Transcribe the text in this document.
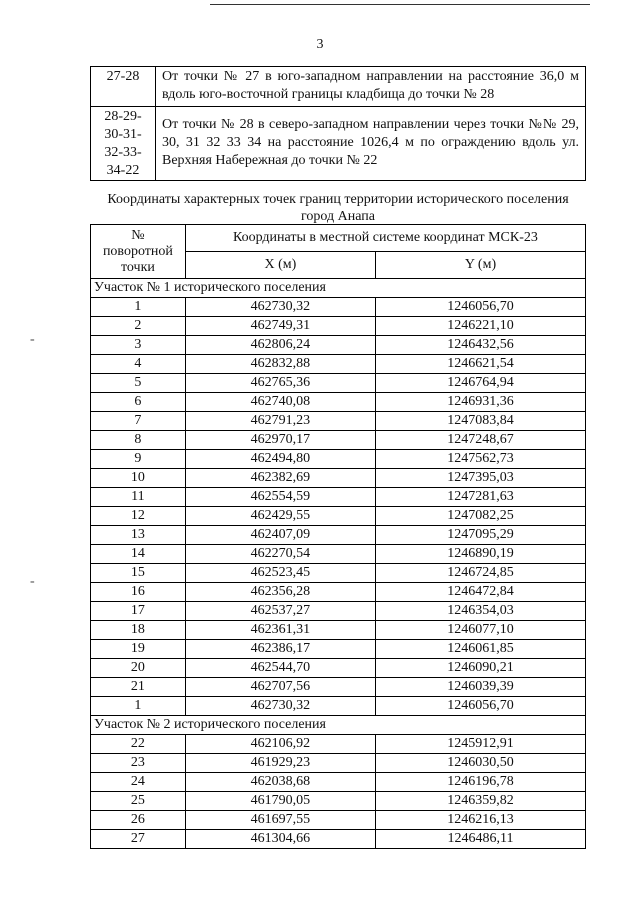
3
-
-
27-28	От точки № 27 в юго-западном направлении на расстояние 36,0 м вдоль юго-восточной границы кладбища до точки № 28

28-29-
30-31-
32-33-
34-22	От точки № 28 в северо-западном направлении через точки №№ 29, 30, 31 32 33 34 на расстояние 1026,4 м по ограждению вдоль ул. Верхняя Набережная до точки № 22
Координаты характерных точек границ территории исторического поселения город Анапа
№
поворотной
точки	Координаты в местной системе координат МСК-23	
	X (м)	Y (м)
Участок № 1 исторического поселения		
1	462730,32	1246056,70
2	462749,31	1246221,10
3	462806,24	1246432,56
4	462832,88	1246621,54
5	462765,36	1246764,94
6	462740,08	1246931,36
7	462791,23	1247083,84
8	462970,17	1247248,67
9	462494,80	1247562,73
10	462382,69	1247395,03
11	462554,59	1247281,63
12	462429,55	1247082,25
13	462407,09	1247095,29
14	462270,54	1246890,19
15	462523,45	1246724,85
16	462356,28	1246472,84
17	462537,27	1246354,03
18	462361,31	1246077,10
19	462386,17	1246061,85
20	462544,70	1246090,21
21	462707,56	1246039,39
1	462730,32	1246056,70
Участок № 2 исторического поселения		
22	462106,92	1245912,91
23	461929,23	1246030,50
24	462038,68	1246196,78
25	461790,05	1246359,82
26	461697,55	1246216,13
27	461304,66	1246486,11
